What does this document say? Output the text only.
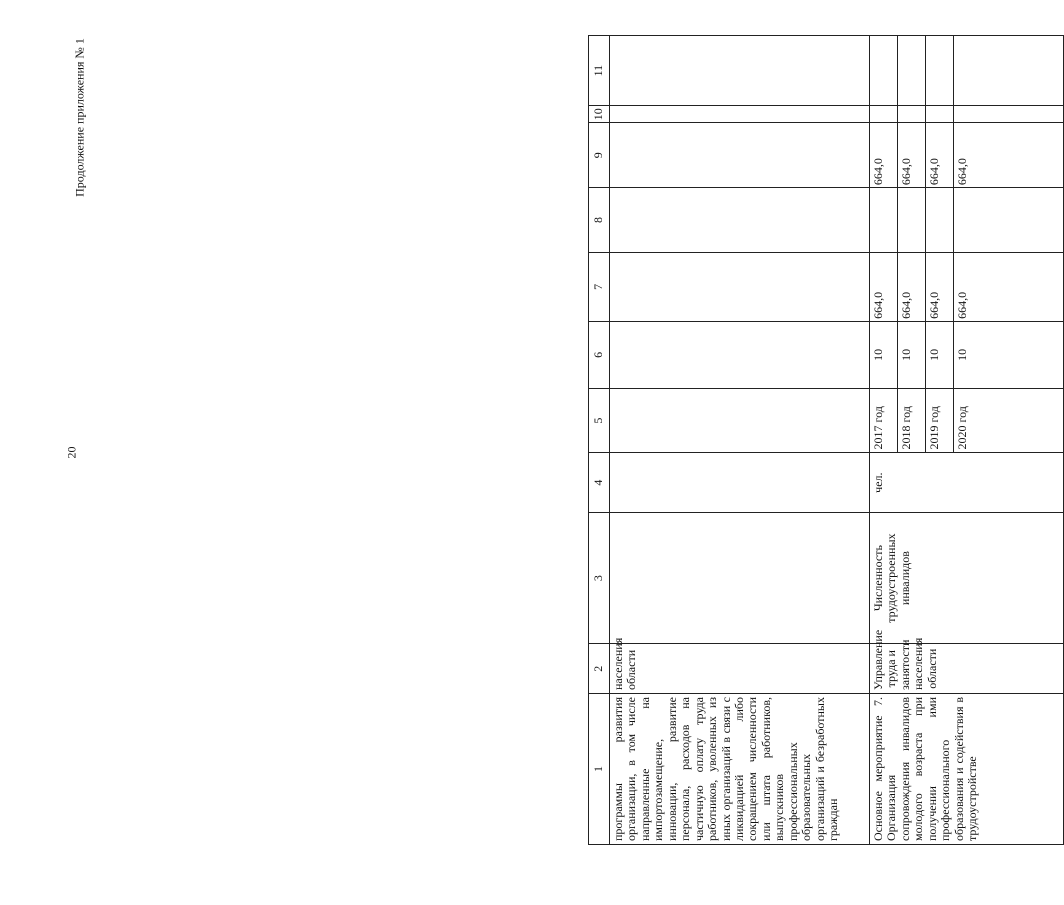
20
Продолжение приложения № 1
1	2	3	4	5	6	7	8	9	10	11
программы развития организации, в том числе направленные на импортозамещение, инновации, развитие персонала, расходов на частичную оплату труда работников, уволенных из иных организаций в связи с ликвидацией либо сокращением численности или штата работников, выпускников профессиональных образовательных организаций и безработных граждан	населения области									
Основное мероприятие 7. Организация сопровождения инвалидов молодого возраста при получении ими профессионального образования и содействия в трудоустройстве	Управление труда и занятости населения области	Численность трудоустроенных инвалидов	чел.	2017 год	10	664,0		664,0		
				2018 год	10	664,0		664,0		
				2019 год	10	664,0		664,0		
				2020 год	10	664,0		664,0		
